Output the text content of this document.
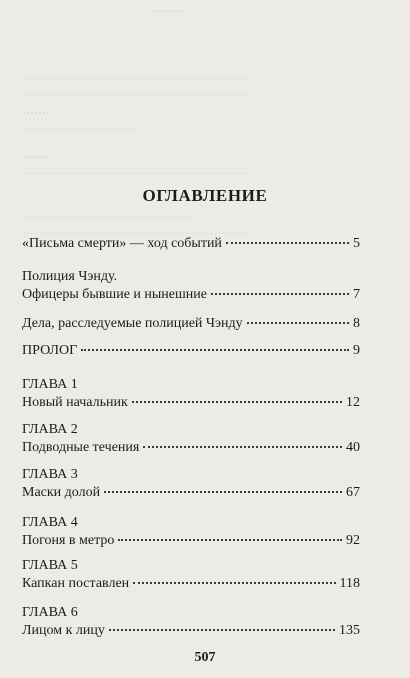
········
··························································
··························································
·······
······························
·······
··························································
···········································
··························································
ОГЛАВЛЕНИЕ
«Письма смерти» — ход событий	5
Полиция Чэнду.
Офицеры бывшие и нынешние	7
Дела, расследуемые полицией Чэнду	8
ПРОЛОГ	9
ГЛАВА 1
Новый начальник	12
ГЛАВА 2
Подводные течения	40
ГЛАВА 3
Маски долой	67
ГЛАВА 4
Погоня в метро	92
ГЛАВА 5
Капкан поставлен	118
ГЛАВА 6
Лицом к лицу	135
507
